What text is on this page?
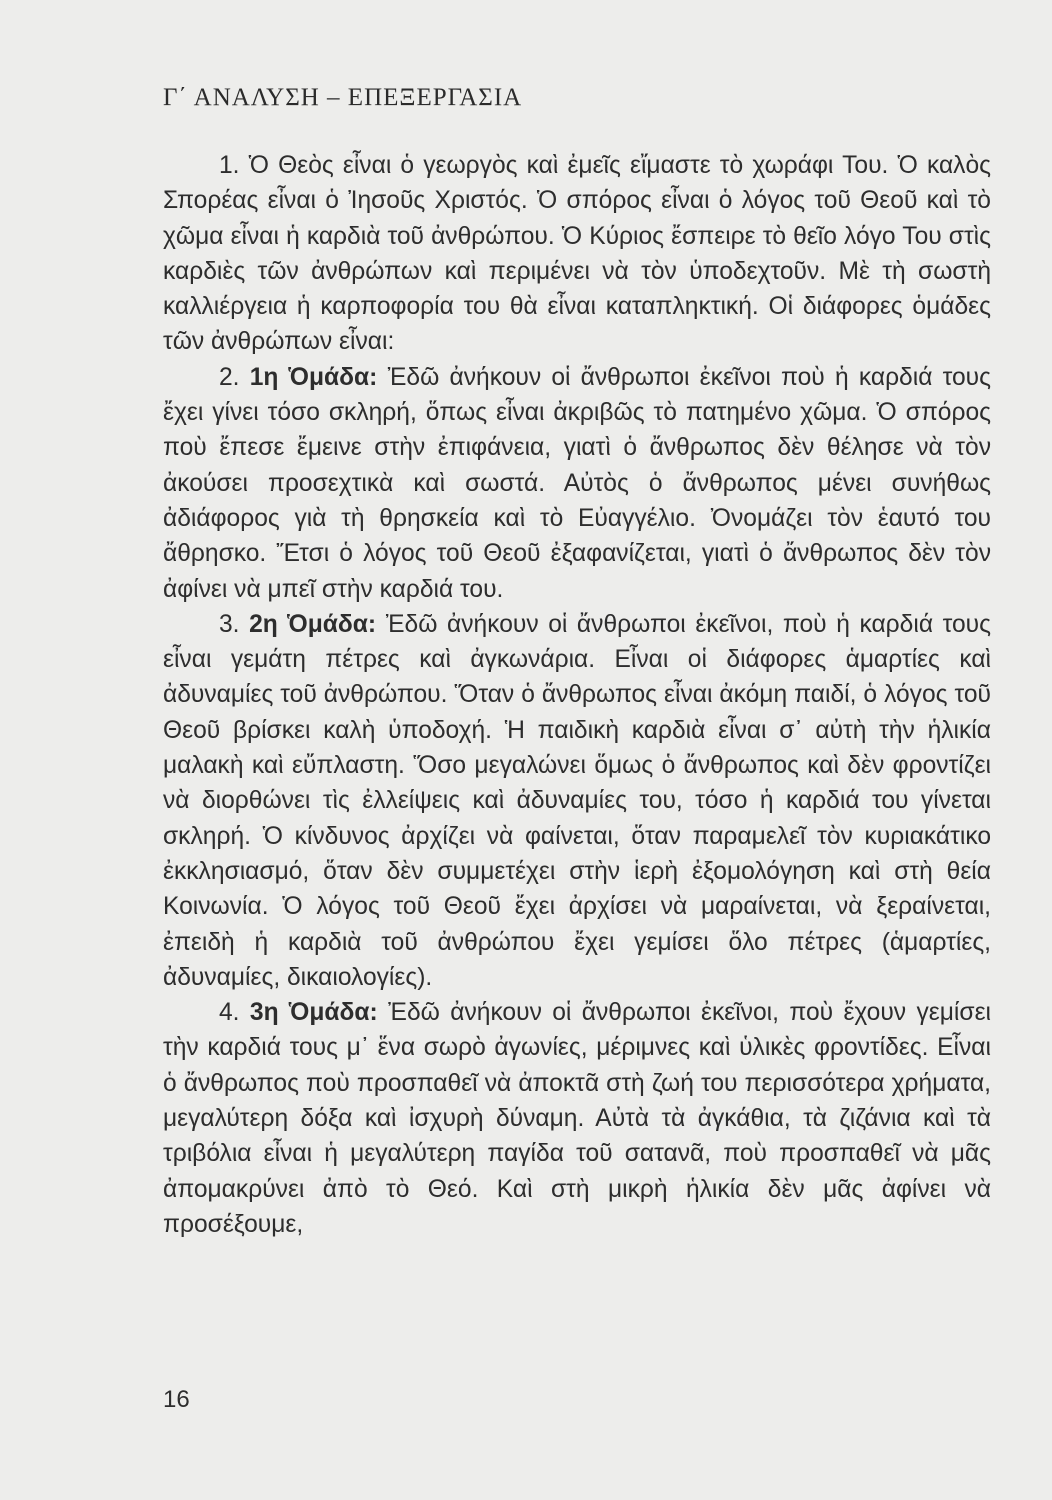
Γ΄ ΑΝΑΛΥΣΗ – ΕΠΕΞΕΡΓΑΣΙΑ

1. Ὁ Θεὸς εἶναι ὁ γεωργὸς καὶ ἐμεῖς εἴμαστε τὸ χωράφι Του. Ὁ καλὸς Σπορέας εἶναι ὁ Ἰησοῦς Χριστός. Ὁ σπόρος εἶναι ὁ λόγος τοῦ Θεοῦ καὶ τὸ χῶμα εἶναι ἡ καρδιὰ τοῦ ἀνθρώπου. Ὁ Κύριος ἔσπειρε τὸ θεῖο λόγο Του στὶς καρδιὲς τῶν ἀνθρώπων καὶ περιμένει νὰ τὸν ὑποδεχτοῦν. Μὲ τὴ σωστὴ καλλιέργεια ἡ καρποφορία του θὰ εἶναι καταπληκτική. Οἱ διάφορες ὁμάδες τῶν ἀνθρώπων εἶναι:

2. 1η Ὁμάδα: Ἐδῶ ἀνήκουν οἱ ἄνθρωποι ἐκεῖνοι ποὺ ἡ καρδιά τους ἔχει γίνει τόσο σκληρή, ὅπως εἶναι ἀκριβῶς τὸ πατημένο χῶμα. Ὁ σπόρος ποὺ ἔπεσε ἔμεινε στὴν ἐπιφάνεια, γιατὶ ὁ ἄνθρωπος δὲν θέλησε νὰ τὸν ἀκούσει προσεχτικὰ καὶ σωστά. Αὐτὸς ὁ ἄνθρωπος μένει συνήθως ἀδιάφορος γιὰ τὴ θρησκεία καὶ τὸ Εὐαγγέλιο. Ὀνομάζει τὸν ἑαυτό του ἄθρησκο. Ἔτσι ὁ λόγος τοῦ Θεοῦ ἐξαφανίζεται, γιατὶ ὁ ἄνθρωπος δὲν τὸν ἀφίνει νὰ μπεῖ στὴν καρδιά του.

3. 2η Ὁμάδα: Ἐδῶ ἀνήκουν οἱ ἄνθρωποι ἐκεῖνοι, ποὺ ἡ καρδιά τους εἶναι γεμάτη πέτρες καὶ ἀγκωνάρια. Εἶναι οἱ διάφορες ἁμαρτίες καὶ ἀδυναμίες τοῦ ἀνθρώπου. Ὅταν ὁ ἄνθρωπος εἶναι ἀκόμη παιδί, ὁ λόγος τοῦ Θεοῦ βρίσκει καλὴ ὑποδοχή. Ἡ παιδικὴ καρδιὰ εἶναι σ᾽ αὐτὴ τὴν ἡλικία μαλακὴ καὶ εὔπλαστη. Ὅσο μεγαλώνει ὅμως ὁ ἄνθρωπος καὶ δὲν φροντίζει νὰ διορθώνει τὶς ἐλλείψεις καὶ ἀδυναμίες του, τόσο ἡ καρδιά του γίνεται σκληρή. Ὁ κίνδυνος ἀρχίζει νὰ φαίνεται, ὅταν παραμελεῖ τὸν κυριακάτικο ἐκκλησιασμό, ὅταν δὲν συμμετέχει στὴν ἱερὴ ἐξομολόγηση καὶ στὴ θεία Κοινωνία. Ὁ λόγος τοῦ Θεοῦ ἔχει ἀρχίσει νὰ μαραίνεται, νὰ ξεραίνεται, ἐπειδὴ ἡ καρδιὰ τοῦ ἀνθρώπου ἔχει γεμίσει ὅλο πέτρες (ἁμαρτίες, ἀδυναμίες, δικαιολογίες).

4. 3η Ὁμάδα: Ἐδῶ ἀνήκουν οἱ ἄνθρωποι ἐκεῖνοι, ποὺ ἔχουν γεμίσει τὴν καρδιά τους μ᾽ ἕνα σωρὸ ἀγωνίες, μέριμνες καὶ ὑλικὲς φροντίδες. Εἶναι ὁ ἄνθρωπος ποὺ προσπαθεῖ νὰ ἀποκτᾶ στὴ ζωή του περισσότερα χρήματα, μεγαλύτερη δόξα καὶ ἰσχυρὴ δύναμη. Αὐτὰ τὰ ἀγκάθια, τὰ ζιζάνια καὶ τὰ τριβόλια εἶναι ἡ μεγαλύτερη παγίδα τοῦ σατανᾶ, ποὺ προσπαθεῖ νὰ μᾶς ἀπομακρύνει ἀπὸ τὸ Θεό. Καὶ στὴ μικρὴ ἡλικία δὲν μᾶς ἀφίνει νὰ προσέξουμε,

16
